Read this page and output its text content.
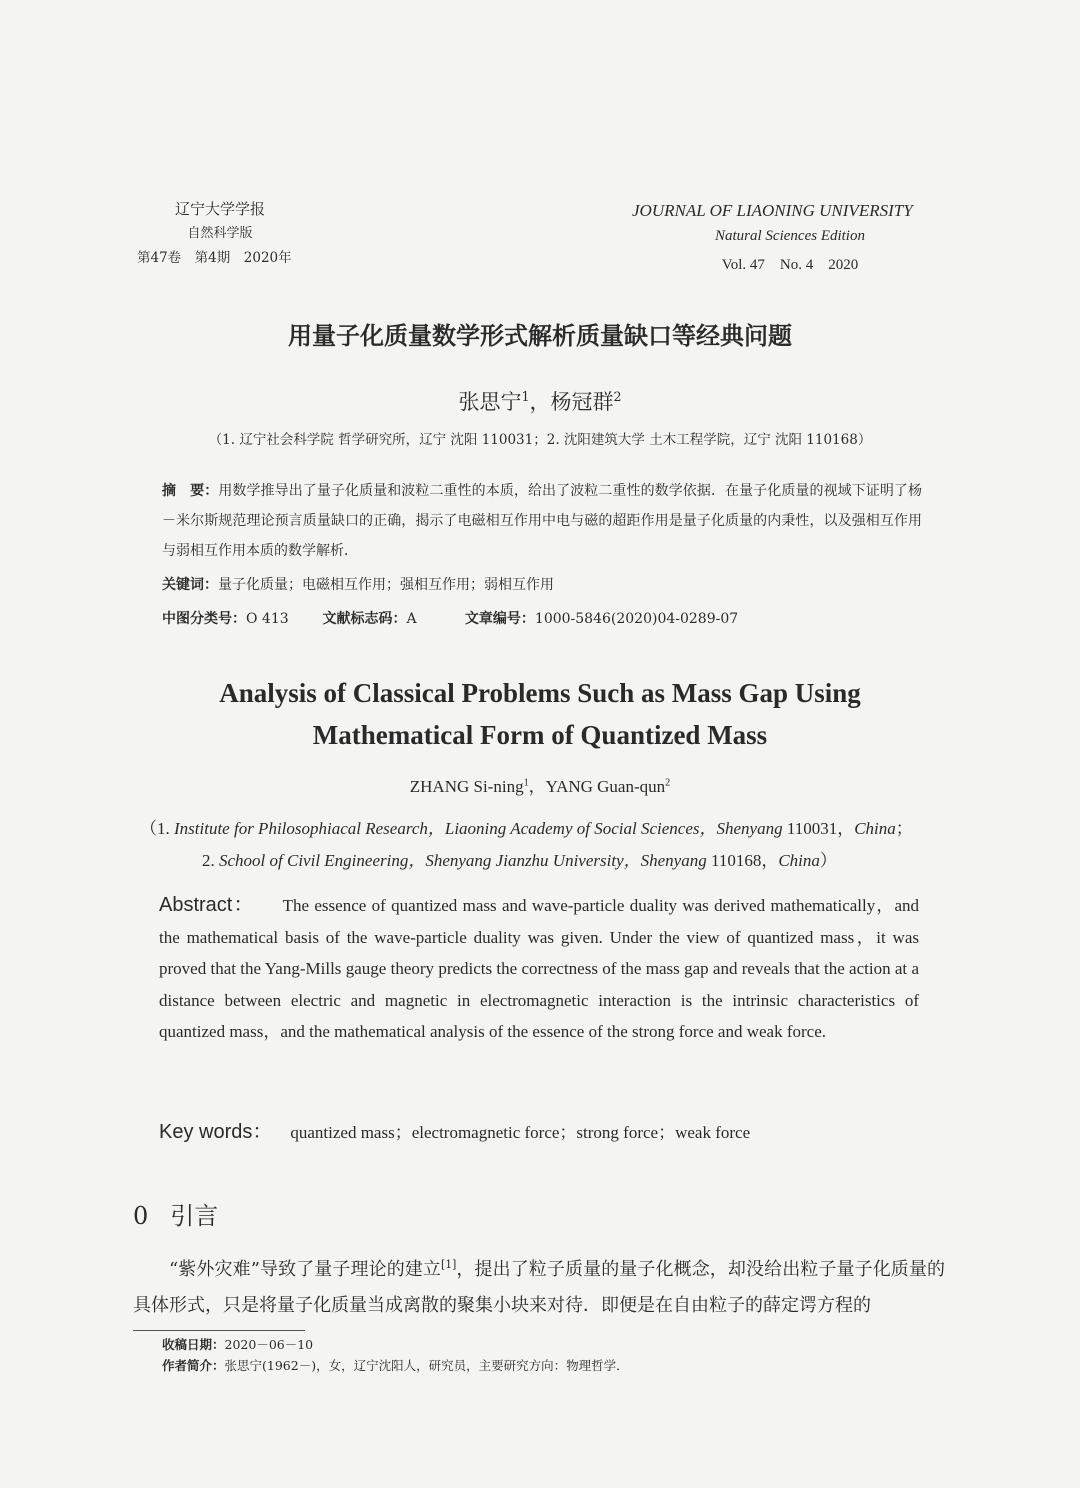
辽宁大学学报
自然科学版
第47卷　第4期　2020年
JOURNAL OF LIAONING UNIVERSITY
Natural Sciences Edition
Vol. 47　No. 4　2020
用量子化质量数学形式解析质量缺口等经典问题
张思宁$^1$，杨冠群$^2$
（1. 辽宁社会科学院 哲学研究所，辽宁 沈阳 110031；2. 沈阳建筑大学 土木工程学院，辽宁 沈阳 110168）
摘　要：用数学推导出了量子化质量和波粒二重性的本质，给出了波粒二重性的数学依据．在量子化质量的视域下证明了杨－米尔斯规范理论预言质量缺口的正确，揭示了电磁相互作用中电与磁的超距作用是量子化质量的内秉性，以及强相互作用与弱相互作用本质的数学解析．
关键词：量子化质量；电磁相互作用；强相互作用；弱相互作用
中图分类号：O 413 文献标志码：A	文章编号：1000-5846(2020)04-0289-07
Analysis of Classical Problems Such as Mass Gap Using
Mathematical Form of Quantized Mass
ZHANG Si-ning$^1$，YANG Guan-qun$^2$
（1. Institute for Philosophiacal Research，Liaoning Academy of Social Sciences，Shenyang 110031，China；
2. School of Civil Engineering，Shenyang Jianzhu University，Shenyang 110168，China）
Abstract： The essence of quantized mass and wave-particle duality was derived mathematically，and the mathematical basis of the wave-particle duality was given. Under the view of quantized mass，it was proved that the Yang-Mills gauge theory predicts the correctness of the mass gap and reveals that the action at a distance between electric and magnetic in electromagnetic interaction is the intrinsic characteristics of quantized mass，and the mathematical analysis of the essence of the strong force and weak force.
Key words： quantized mass；electromagnetic force；strong force；weak force
0 引言
“紫外灾难”导致了量子理论的建立[1]，提出了粒子质量的量子化概念，却没给出粒子量子化质量的具体形式，只是将量子化质量当成离散的聚集小块来对待．即便是在自由粒子的薛定谔方程的
收稿日期：2020－06－10
作者简介：张思宁(1962－)，女，辽宁沈阳人，研究员，主要研究方向：物理哲学．
